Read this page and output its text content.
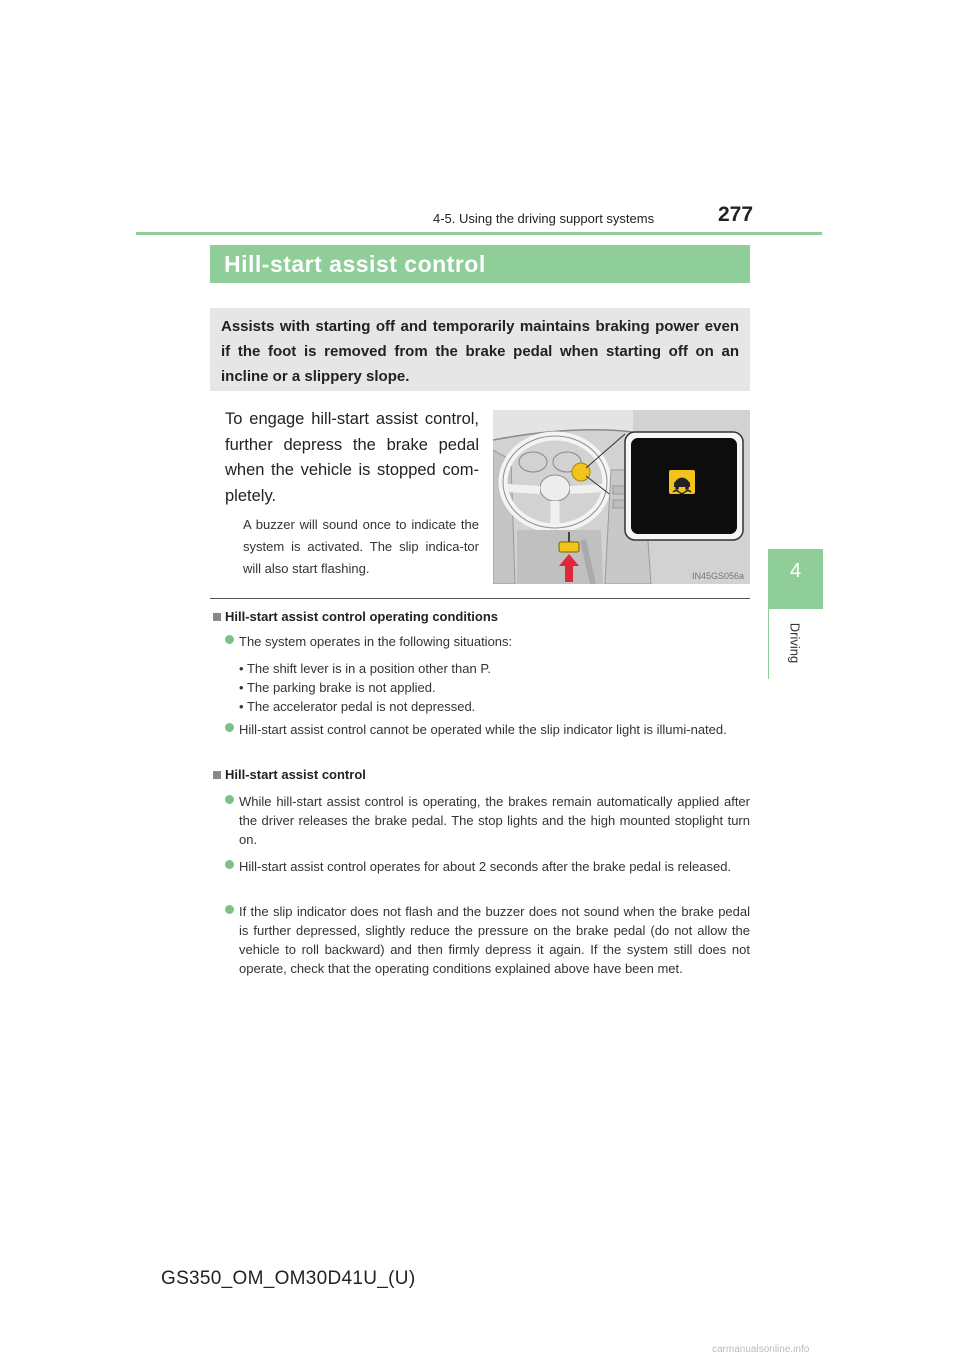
4-5. Using the driving support systems	277
4
Driving
Hill-start assist control
Assists with starting off and temporarily maintains braking power even if the foot is removed from the brake pedal when starting off on an incline or a slippery slope.
To engage hill-start assist control, further depress the brake pedal when the vehicle is stopped com-pletely.
A buzzer will sound once to indicate the system is activated. The slip indica-tor will also start flashing.	IN45GS056a
Hill-start assist control operating conditions
The system operates in the following situations:
• The shift lever is in a position other than P.
• The parking brake is not applied.
• The accelerator pedal is not depressed.
Hill-start assist control cannot be operated while the slip indicator light is illumi-nated.
Hill-start assist control
While hill-start assist control is operating, the brakes remain automatically applied after the driver releases the brake pedal. The stop lights and the high mounted stoplight turn on.
Hill-start assist control operates for about 2 seconds after the brake pedal is released.
If the slip indicator does not flash and the buzzer does not sound when the brake pedal is further depressed, slightly reduce the pressure on the brake pedal (do not allow the vehicle to roll backward) and then firmly depress it again. If the system still does not operate, check that the operating conditions explained above have been met.
GS350_OM_OM30D41U_(U)
carmanualsonline.info
